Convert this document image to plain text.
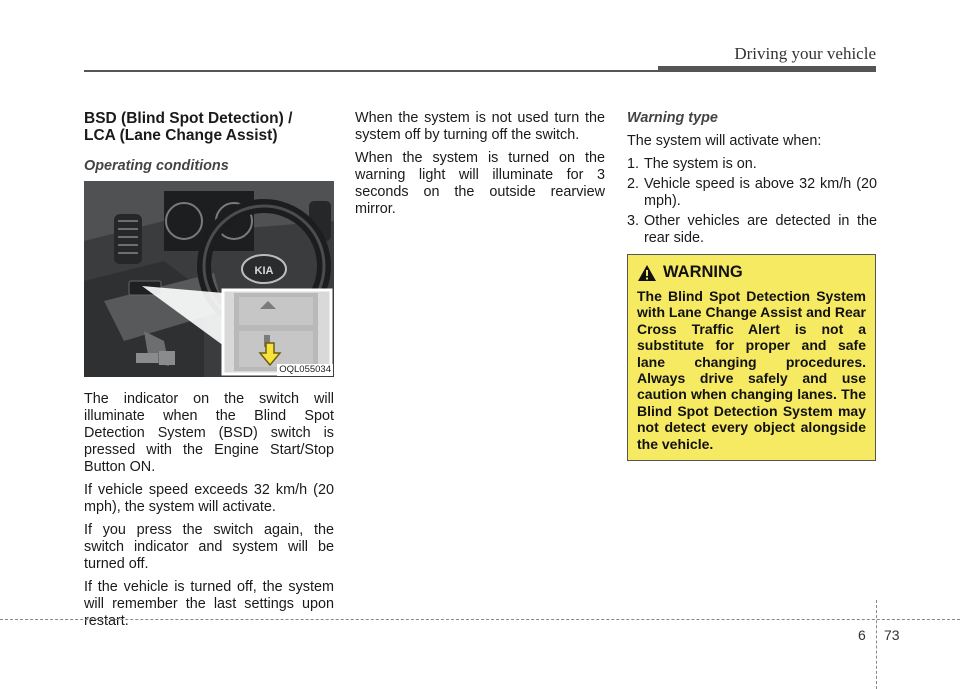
Driving your vehicle
BSD (Blind Spot Detection) /
LCA (Lane Change Assist)
Operating conditions
KIA
OQL055034

The indicator on the switch will illuminate when the Blind Spot Detection System (BSD) switch is pressed with the Engine Start/Stop Button ON.

If vehicle speed exceeds 32 km/h (20 mph), the system will activate.

If you press the switch again, the switch indicator and system will be turned off.

If the vehicle is turned off, the system will remember the last settings upon restart.

When the system is not used turn the system off by turning off the switch.

When the system is turned on the warning light will illuminate for 3 seconds on the outside rearview mirror.

Warning type

The system will activate when:

1. The system is on.
2. Vehicle speed is above 32 km/h (20 mph).
3. Other vehicles are detected in the rear side.
WARNING

The Blind Spot Detection System with Lane Change Assist and Rear Cross Traffic Alert is not a substitute for proper and safe lane changing procedures. Always drive safely and use caution when changing lanes. The Blind Spot Detection System may not detect every object alongside the vehicle.

6 73
